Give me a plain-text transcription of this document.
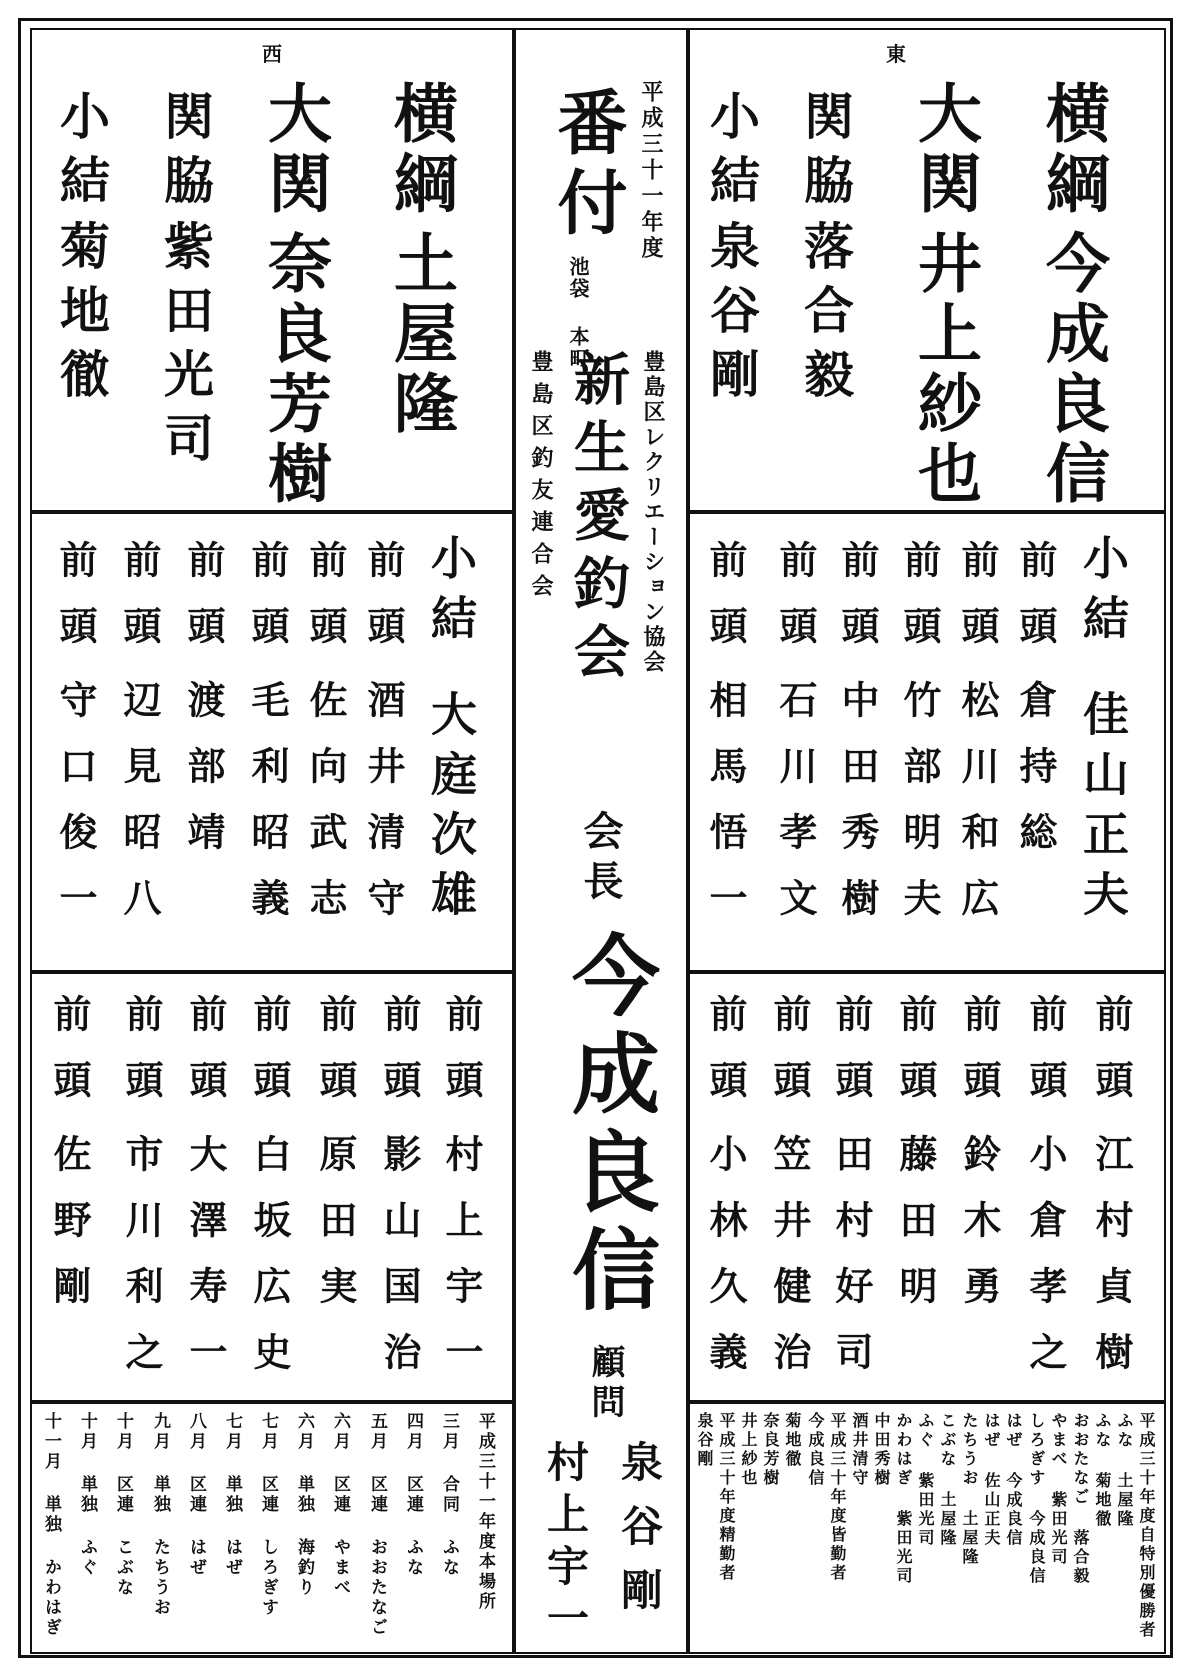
西	東
横綱
今成良信
大関
井上紗也
関脇
落合毅
小結
泉谷剛
横綱
土屋隆
大関
奈良芳樹
関脇
紫田光司
小結
菊地徹
平成三十一年度
番付
池袋 本町
豊島区レクリエーション協会
新生愛釣会
豊島区釣友連合会
会長
今成良信
顧問
泉谷剛
村上宇一
小結
佳山正夫
前頭
倉持総
前頭
松川和広
前頭
竹部明夫
前頭
中田秀樹
前頭
石川孝文
前頭
相馬悟一
小結
大庭次雄
前頭
酒井清守
前頭
佐向武志
前頭
毛利昭義
前頭
渡部靖
前頭
辺見昭八
前頭
守口俊一
前頭
江村貞樹
前頭
小倉孝之
前頭
鈴木勇
前頭
藤田明
前頭
田村好司
前頭
笠井健治
前頭
小林久義
前頭
村上宇一
前頭
影山国治
前頭
原田実
前頭
白坂広史
前頭
大澤寿一
前頭
市川利之
前頭
佐野剛
平成三十年度自特別優勝者
ふな 土屋隆
ふな 菊地徹
おおたなご 落合毅
やまべ 紫田光司
しろぎす 今成良信
はぜ 今成良信
はぜ 佐山正夫
たちうお 土屋隆
こぶな 土屋隆
ふぐ 紫田光司
かわはぎ 紫田光司
中田秀樹
酒井清守
平成三十年度皆勤者
今成良信
菊地徹
奈良芳樹
井上紗也
平成三十年度精勤者
泉谷剛
平成三十一年度本場所
三月 合同 ふな
四月 区連 ふな
五月 区連 おおたなご
六月 区連 やまべ
六月 単独 海釣り
七月 区連 しろぎす
七月 単独 はぜ
八月 区連 はぜ
九月 単独 たちうお
十月 区連 こぶな
十月 単独 ふぐ
十一月 単独 かわはぎ
